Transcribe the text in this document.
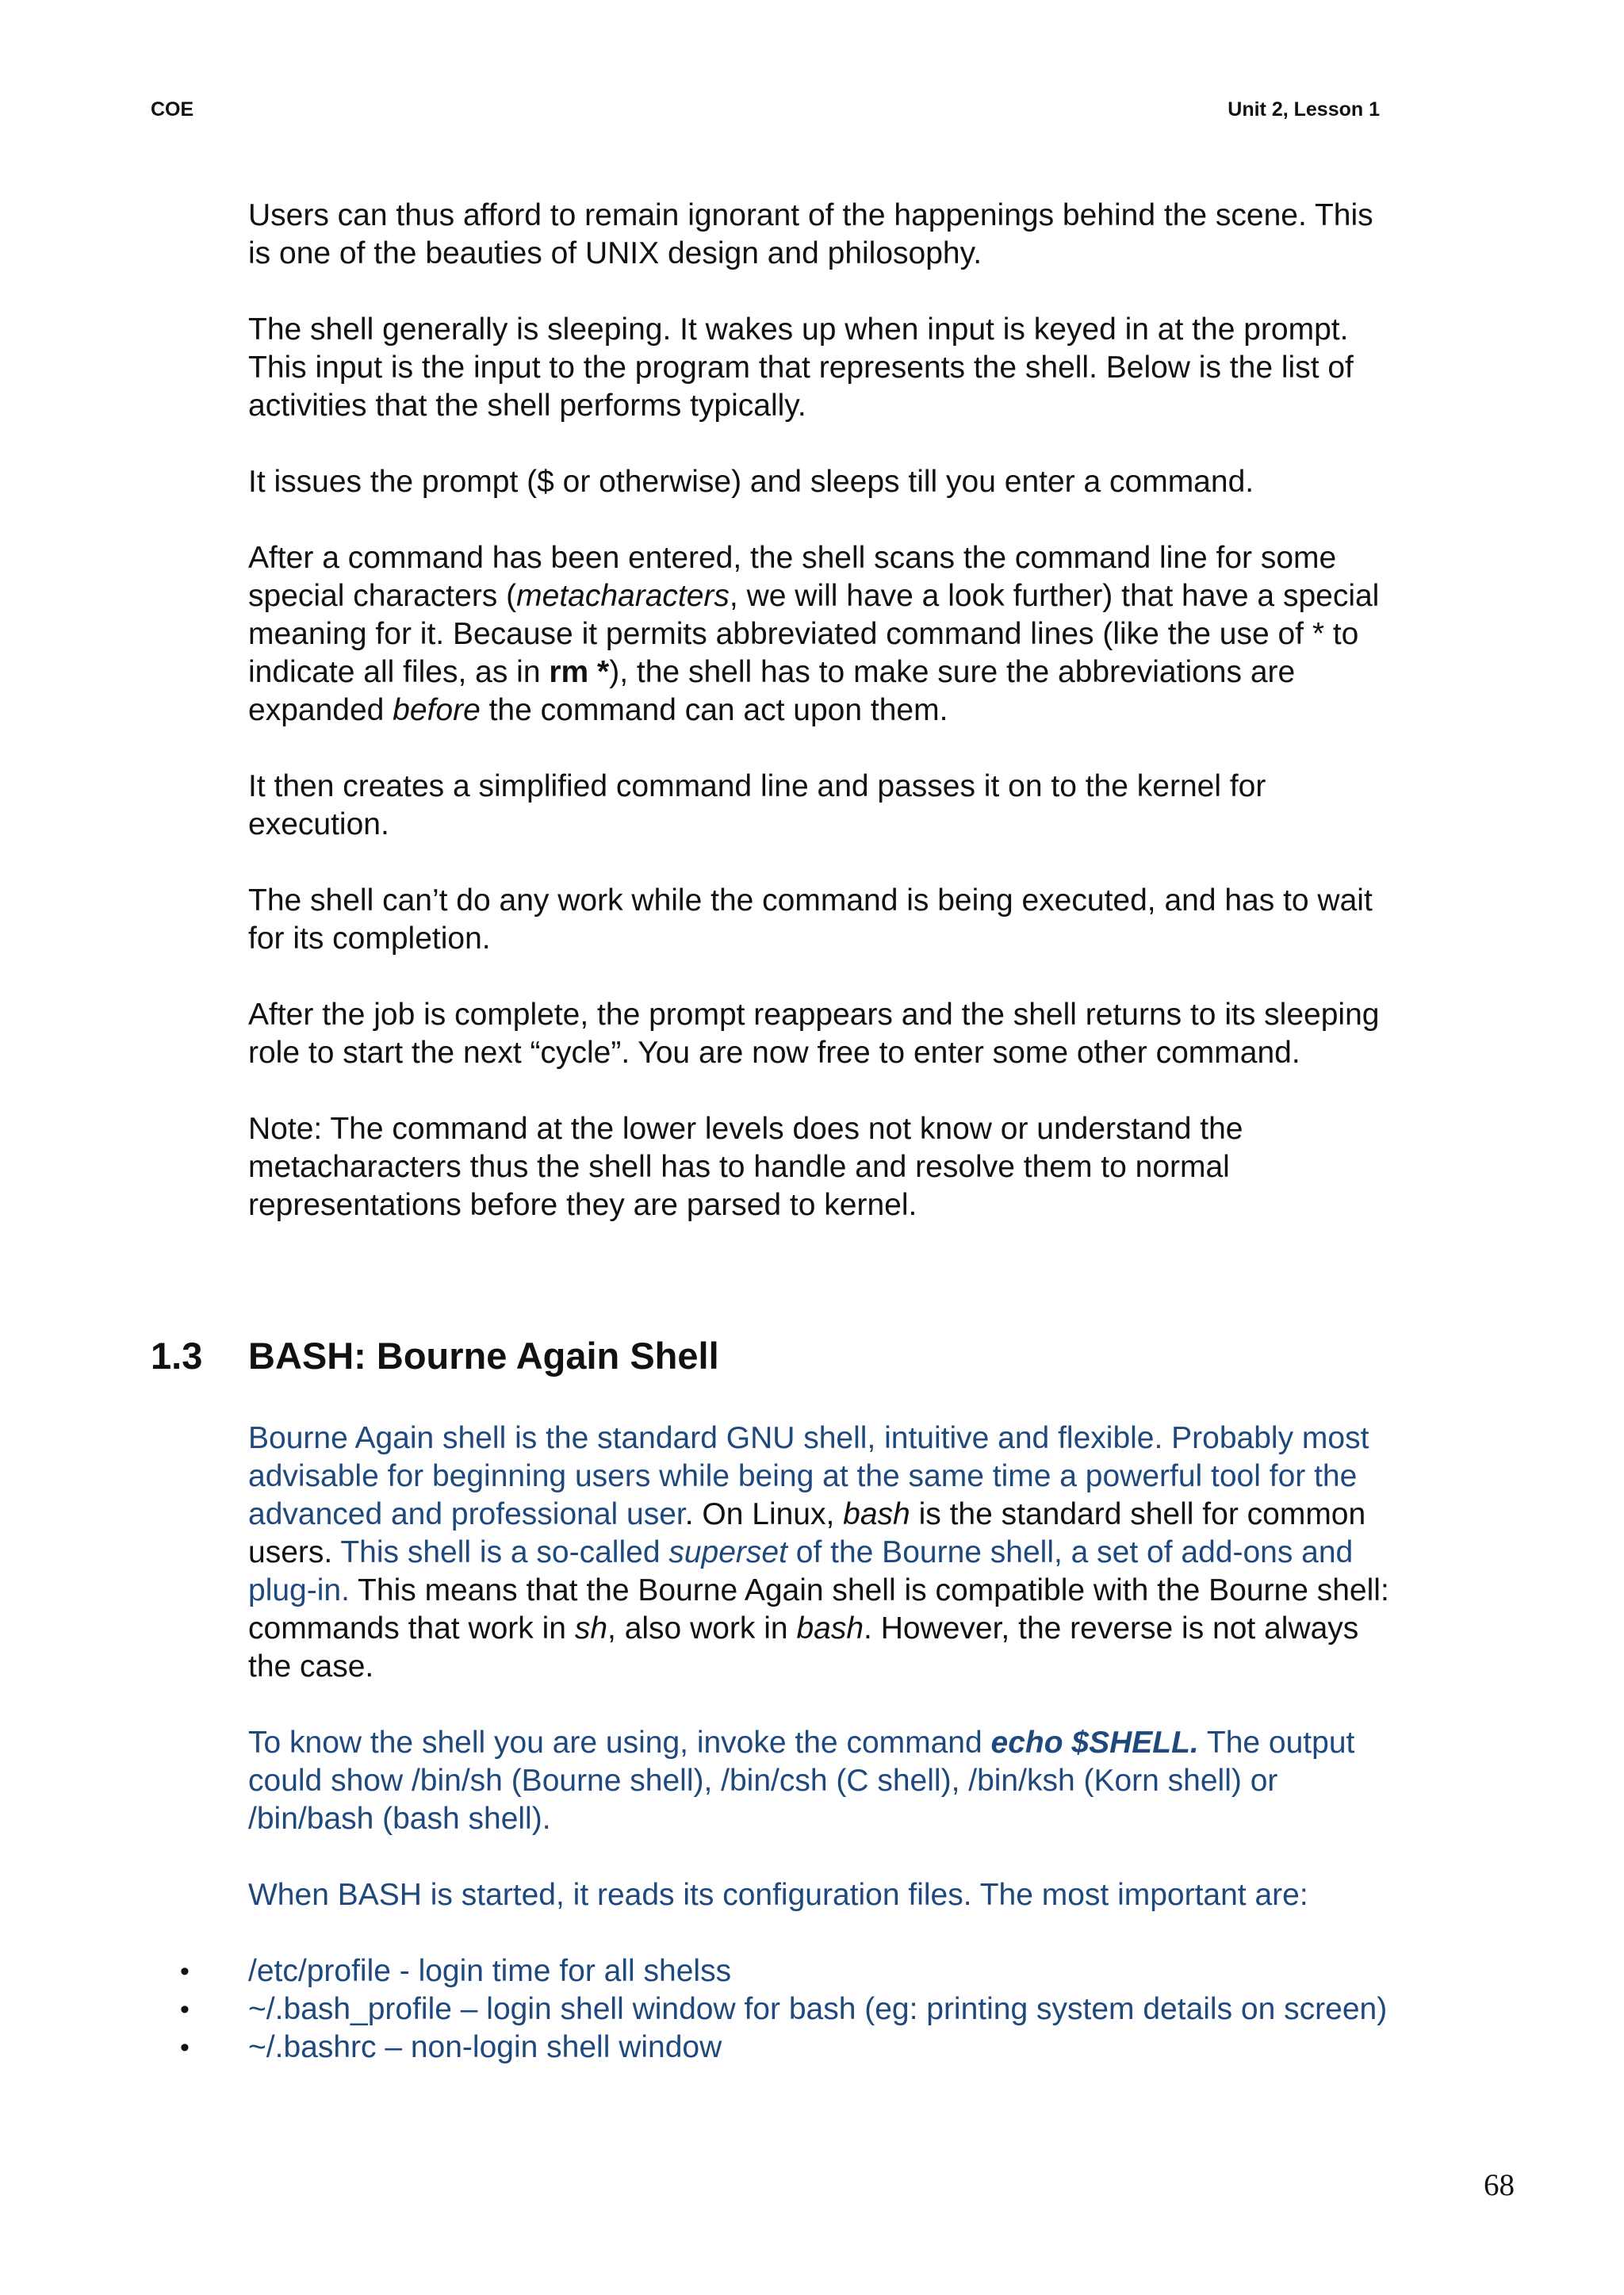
COE	Unit 2, Lesson 1

Users can thus afford to remain ignorant of the happenings behind the scene. This is one of the beauties of UNIX design and philosophy.

The shell generally is sleeping. It wakes up when input is keyed in at the prompt. This input is the input to the program that represents the shell. Below is the list of activities that the shell performs typically.

It issues the prompt ($ or otherwise) and sleeps till you enter a command.

After a command has been entered, the shell scans the command line for some special characters (metacharacters, we will have a look further) that have a special meaning for it. Because it permits abbreviated command lines (like the use of * to indicate all files, as in rm *), the shell has to make sure the abbreviations are expanded before the command can act upon them.

It then creates a simplified command line and passes it on to the kernel for execution.

The shell can’t do any work while the command is being executed, and has to wait for its completion.

After the job is complete, the prompt reappears and the shell returns to its sleeping role to start the next “cycle”. You are now free to enter some other command.

Note: The command at the lower levels does not know or understand the metacharacters thus the shell has to handle and resolve them to normal representations before they are parsed to kernel.

1.3 BASH: Bourne Again Shell

Bourne Again shell is the standard GNU shell, intuitive and flexible. Probably most advisable for beginning users while being at the same time a powerful tool for the advanced and professional user. On Linux, bash is the standard shell for common users. This shell is a so-called superset of the Bourne shell, a set of add-ons and plug-in. This means that the Bourne Again shell is compatible with the Bourne shell: commands that work in sh, also work in bash. However, the reverse is not always the case.

To know the shell you are using, invoke the command echo $SHELL. The output could show /bin/sh (Bourne shell), /bin/csh (C shell), /bin/ksh (Korn shell) or /bin/bash (bash shell).

When BASH is started, it reads its configuration files. The most important are:

• /etc/profile - login time for all shelss
• ~/.bash_profile – login shell window for bash (eg: printing system details on screen)
• ~/.bashrc – non-login shell window
68
